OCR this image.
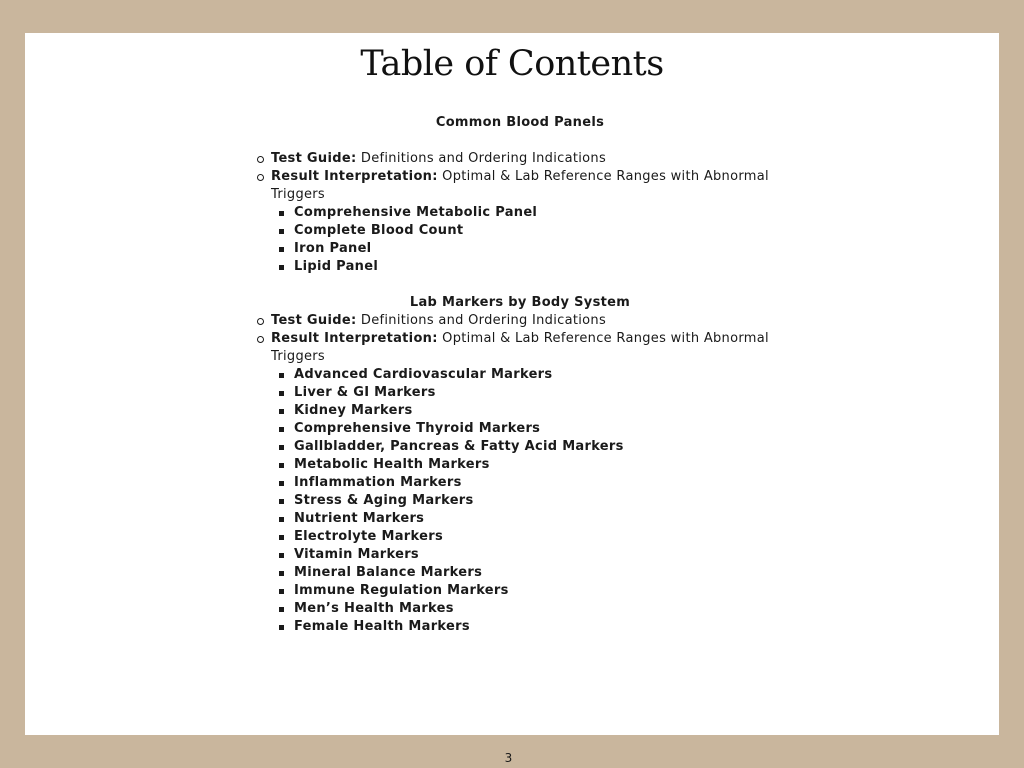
Table of Contents

Common Blood Panels

Test Guide: Definitions and Ordering Indications
Result Interpretation: Optimal & Lab Reference Ranges with Abnormal Triggers
Comprehensive Metabolic Panel
Complete Blood Count
Iron Panel
Lipid Panel

Lab Markers by Body System

Test Guide: Definitions and Ordering Indications
Result Interpretation: Optimal & Lab Reference Ranges with Abnormal Triggers
Advanced Cardiovascular Markers
Liver & GI Markers
Kidney Markers
Comprehensive Thyroid Markers
Gallbladder, Pancreas & Fatty Acid Markers
Metabolic Health Markers
Inflammation Markers
Stress & Aging Markers
Nutrient Markers
Electrolyte Markers
Vitamin Markers
Mineral Balance Markers
Immune Regulation Markers
Men’s Health Markes
Female Health Markers
3
